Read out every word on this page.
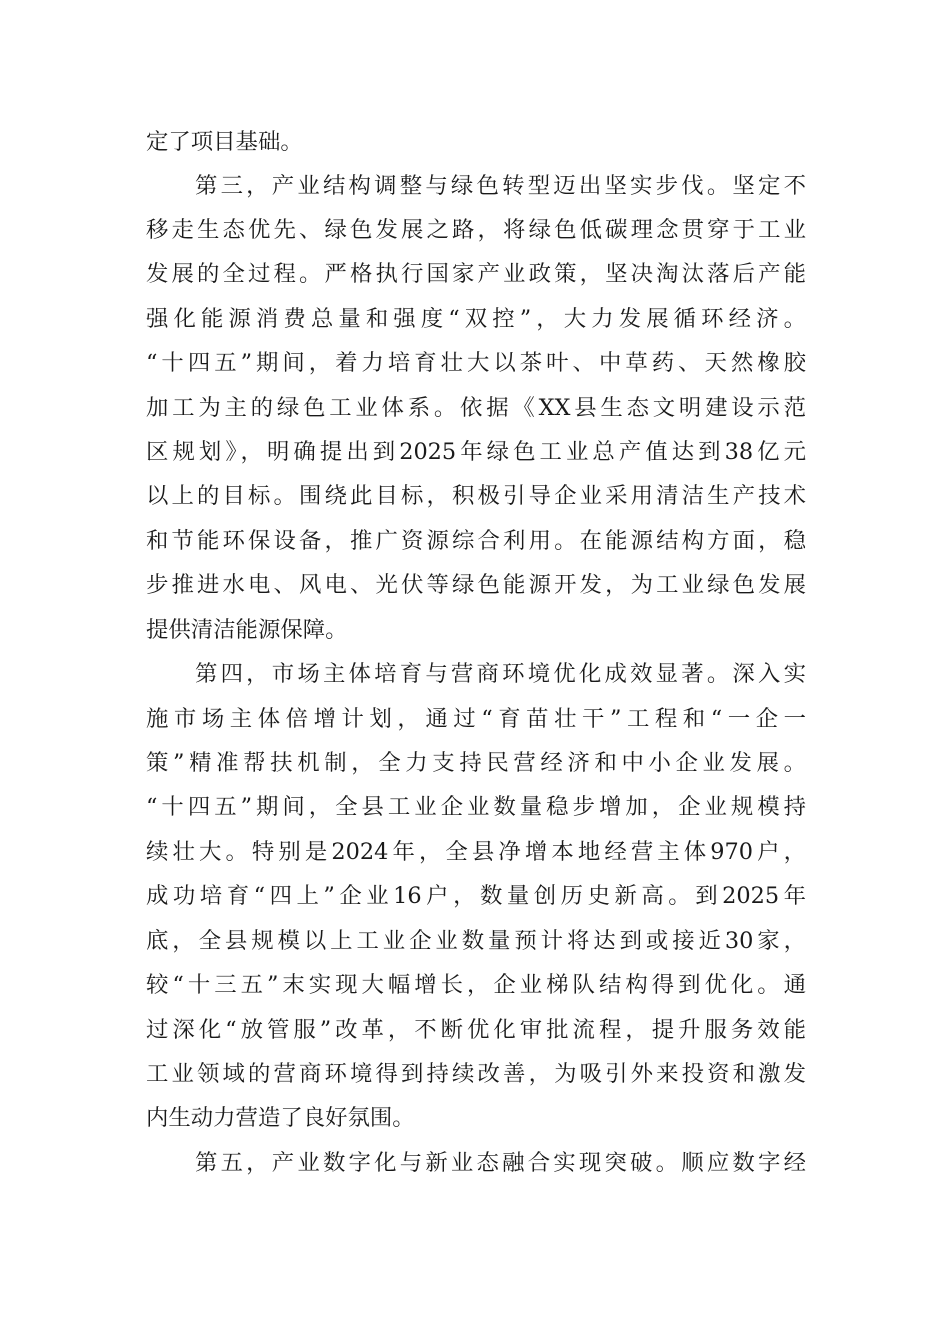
定了项目基础。
第三，产业结构调整与绿色转型迈出坚实步伐。坚定不
移走生态优先、绿色发展之路，将绿色低碳理念贯穿于工业
发展的全过程。严格执行国家产业政策，坚决淘汰落后产能
强化能源消费总量和强度“双控”，大力发展循环经济。
“十四五”期间，着力培育壮大以茶叶、中草药、天然橡胶
加工为主的绿色工业体系。依据《XX县生态文明建设示范
区规划》，明确提出到2025年绿色工业总产值达到38亿元
以上的目标。围绕此目标，积极引导企业采用清洁生产技术
和节能环保设备，推广资源综合利用。在能源结构方面，稳
步推进水电、风电、光伏等绿色能源开发，为工业绿色发展
提供清洁能源保障。
第四，市场主体培育与营商环境优化成效显著。深入实
施市场主体倍增计划，通过“育苗壮干”工程和“一企一
策”精准帮扶机制，全力支持民营经济和中小企业发展。
“十四五”期间，全县工业企业数量稳步增加，企业规模持
续壮大。特别是2024年，全县净增本地经营主体970户，
成功培育“四上”企业16户，数量创历史新高。到2025年
底，全县规模以上工业企业数量预计将达到或接近30家，
较“十三五”末实现大幅增长，企业梯队结构得到优化。通
过深化“放管服”改革，不断优化审批流程，提升服务效能
工业领域的营商环境得到持续改善，为吸引外来投资和激发
内生动力营造了良好氛围。
第五，产业数字化与新业态融合实现突破。顺应数字经
